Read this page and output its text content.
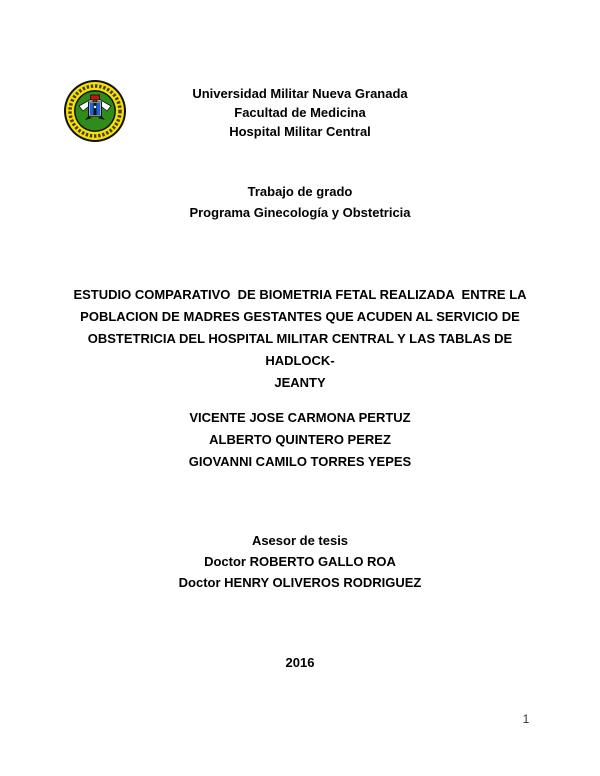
Universidad Militar Nueva Granada
Facultad de Medicina
Hospital Militar Central
Trabajo de grado
Programa Ginecología y Obstetricia
ESTUDIO COMPARATIVO  DE BIOMETRIA FETAL REALIZADA  ENTRE LA
POBLACION DE MADRES GESTANTES QUE ACUDEN AL SERVICIO DE
OBSTETRICIA DEL HOSPITAL MILITAR CENTRAL Y LAS TABLAS DE HADLOCK-
JEANTY
VICENTE JOSE CARMONA PERTUZ
ALBERTO QUINTERO PEREZ
GIOVANNI CAMILO TORRES YEPES
Asesor de tesis
Doctor ROBERTO GALLO ROA
Doctor HENRY OLIVEROS RODRIGUEZ
2016
1
